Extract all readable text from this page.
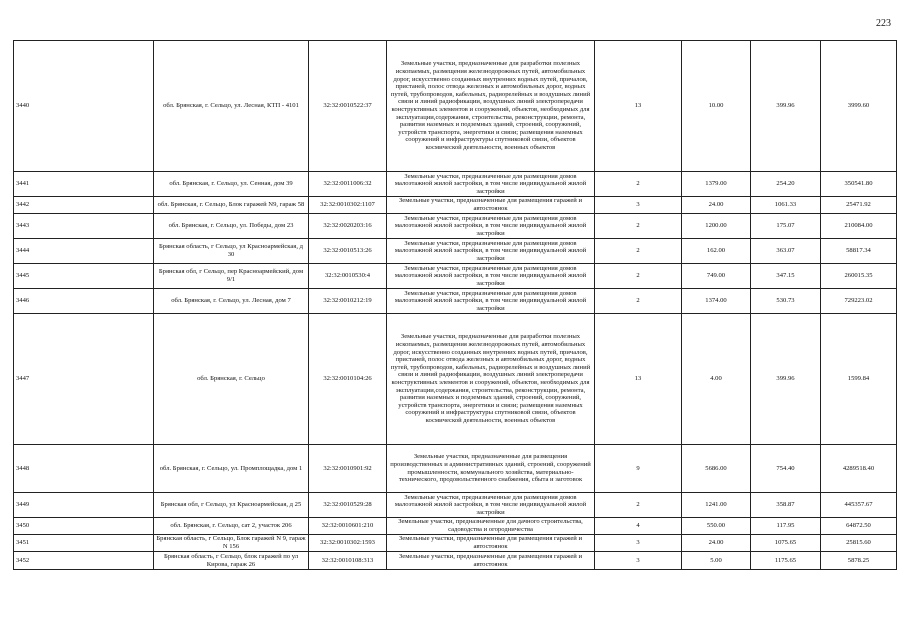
223
3440	обл. Брянская, г. Сельцо, ул. Лесная, КТП - 4101	32:32:0010522:37	Земельные участки, предназначенные для разработки полезных ископаемых, размещения железнодорожных путей, автомобильных дорог, искусственно созданных внутренних водных путей, причалов, пристаней, полос отвода железных и автомобильных дорог, водных путей, трубопроводов, кабельных, радиорелейных и воздушных линий связи и линий радиофикации, воздушных линий электропередачи конструктивных элементов и сооружений, объектов, необходимых для эксплуатации,содержания, строительства, реконструкции, ремонта, развития наземных и подземных зданий, строений, сооружений, устройств транспорта, энергетики и связи; размещения наземных сооружений и инфраструктуры спутниковой связи, объектов космической деятельности, военных объектов	13	10.00	399.96	3999.60
3441	обл. Брянская, г. Сельцо, ул. Сенная, дом 39	32:32:0011006:32	Земельные участки, предназначенные для размещения домов малоэтажной жилой застройки, в том числе индивидуальной жилой застройки	2	1379.00	254.20	350541.80
3442	обл. Брянская, г. Сельцо, Блок гаражей N9, гараж 58	32:32:0010302:1107	Земельные участки, предназначенные для размещения гаражей и автостоянок	3	24.00	1061.33	25471.92
3443	обл. Брянская, г. Сельцо, ул. Победы, дом 23	32:32:0020203:16	Земельные участки, предназначенные для размещения домов малоэтажной жилой застройки, в том числе индивидуальной жилой застройки	2	1200.00	175.07	210084.00
3444	Брянская область, г Сельцо, ул Красноармейская, д 30	32:32:0010513:26	Земельные участки, предназначенные для размещения домов малоэтажной жилой застройки, в том числе индивидуальной жилой застройки	2	162.00	363.07	58817.34
3445	Брянская обл, г Сельцо, пер Красноармейский, дом 9/1	32:32:0010530:4	Земельные участки, предназначенные для размещения домов малоэтажной жилой застройки, в том числе индивидуальной жилой застройки	2	749.00	347.15	260015.35
3446	обл. Брянская, г. Сельцо, ул. Лесная, дом 7	32:32:0010212:19	Земельные участки, предназначенные для размещения домов малоэтажной жилой застройки, в том числе индивидуальной жилой застройки	2	1374.00	530.73	729223.02
3447	обл. Брянская, г. Сельцо	32:32:0010104:26	Земельные участки, предназначенные для разработки полезных ископаемых, размещения железнодорожных путей, автомобильных дорог, искусственно созданных внутренних водных путей, причалов, пристаней, полос отвода железных и автомобильных дорог, водных путей, трубопроводов, кабельных, радиорелейных и воздушных линий связи и линий радиофикации, воздушных линий электропередачи конструктивных элементов и сооружений, объектов, необходимых для эксплуатации,содержания, строительства, реконструкции, ремонта, развития наземных и подземных зданий, строений, сооружений, устройств транспорта, энергетики и связи; размещения наземных сооружений и инфраструктуры спутниковой связи, объектов космической деятельности, военных объектов	13	4.00	399.96	1599.84
3448	обл. Брянская, г. Сельцо, ул. Промплощадка, дом 1	32:32:0010901:92	Земельные участки, предназначенные для размещения производственных и административных зданий, строений, сооружений промышленности, коммунального хозяйства, материально-технического, продовольственного снабжения, сбыта и заготовок	9	5686.00	754.40	4289518.40
3449	Брянская обл, г Сельцо, ул Красноармейская, д 25	32:32:0010529:28	Земельные участки, предназначенные для размещения домов малоэтажной жилой застройки, в том числе индивидуальной жилой застройки	2	1241.00	358.87	445357.67
3450	обл. Брянская, г. Сельцо, сат 2, участок 206	32:32:0010601:210	Земельные участки, предназначенные для дачного строительства, садоводства и огородничества	4	550.00	117.95	64872.50
3451	Брянская область, г Сельцо, Блок гаражей N 9, гараж N 156	32:32:0010302:1593	Земельные участки, предназначенные для размещения гаражей и автостоянок	3	24.00	1075.65	25815.60
3452	Брянская область, г Сельцо, блок гаражей по ул Кирова, гараж 26	32:32:0010108:313	Земельные участки, предназначенные для размещения гаражей и автостоянок	3	5.00	1175.65	5878.25
